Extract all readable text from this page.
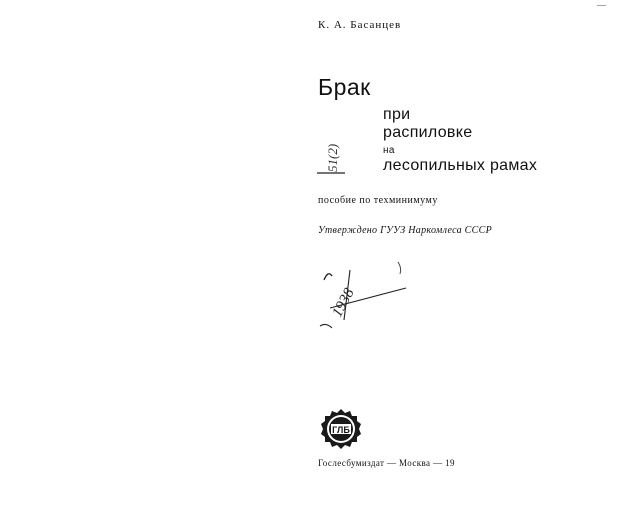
—
К. А. Басанцев
Брак
при
распиловке
на
лесопильных рамах
51(2)
пособие по техминимуму
Утверждено ГУУЗ Наркомлеса СССР
1938
ГЛБ
Гослесбумиздат — Москва — 19
